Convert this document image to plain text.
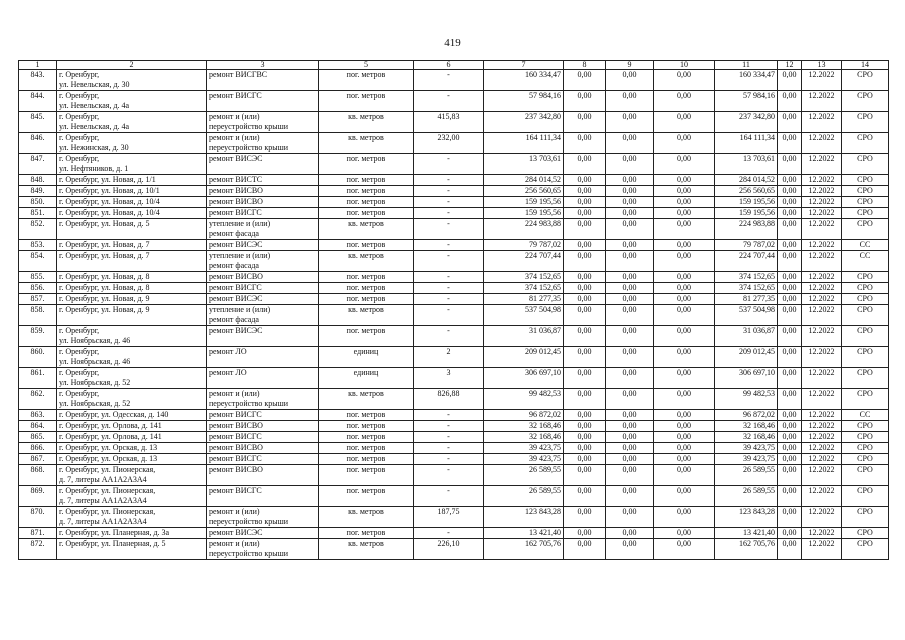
419
1	2	3	5	6	7	8	9	10	11	12	13	14
843.	г. Оренбург,
ул. Невельская, д. 30	ремонт ВИСГВС	пог. метров	-	160 334,47	0,00	0,00	0,00	160 334,47	0,00	12.2022	СРО
844.	г. Оренбург,
ул. Невельская, д. 4а	ремонт ВИСГС	пог. метров	-	57 984,16	0,00	0,00	0,00	57 984,16	0,00	12.2022	СРО
845.	г. Оренбург,
ул. Невельская, д. 4а	ремонт и (или)
переустройство крыши	кв. метров	415,83	237 342,80	0,00	0,00	0,00	237 342,80	0,00	12.2022	СРО
846.	г. Оренбург,
ул. Нежинская, д. 30	ремонт и (или)
переустройство крыши	кв. метров	232,00	164 111,34	0,00	0,00	0,00	164 111,34	0,00	12.2022	СРО
847.	г. Оренбург,
ул. Нефтяников, д. 1	ремонт ВИСЭС	пог. метров	-	13 703,61	0,00	0,00	0,00	13 703,61	0,00	12.2022	СРО
848.	г. Оренбург, ул. Новая, д. 1/1	ремонт ВИСТС	пог. метров	-	284 014,52	0,00	0,00	0,00	284 014,52	0,00	12.2022	СРО
849.	г. Оренбург, ул. Новая, д. 10/1	ремонт ВИСВО	пог. метров	-	256 560,65	0,00	0,00	0,00	256 560,65	0,00	12.2022	СРО
850.	г. Оренбург, ул. Новая, д. 10/4	ремонт ВИСВО	пог. метров	-	159 195,56	0,00	0,00	0,00	159 195,56	0,00	12.2022	СРО
851.	г. Оренбург, ул. Новая, д. 10/4	ремонт ВИСГС	пог. метров	-	159 195,56	0,00	0,00	0,00	159 195,56	0,00	12.2022	СРО
852.	г. Оренбург, ул. Новая, д. 5	утепление и (или)
ремонт фасада	кв. метров	-	224 983,88	0,00	0,00	0,00	224 983,88	0,00	12.2022	СРО
853.	г. Оренбург, ул. Новая, д. 7	ремонт ВИСЭС	пог. метров	-	79 787,02	0,00	0,00	0,00	79 787,02	0,00	12.2022	СС
854.	г. Оренбург, ул. Новая, д. 7	утепление и (или)
ремонт фасада	кв. метров	-	224 707,44	0,00	0,00	0,00	224 707,44	0,00	12.2022	СС
855.	г. Оренбург, ул. Новая, д. 8	ремонт ВИСВО	пог. метров	-	374 152,65	0,00	0,00	0,00	374 152,65	0,00	12.2022	СРО
856.	г. Оренбург, ул. Новая, д. 8	ремонт ВИСГС	пог. метров	-	374 152,65	0,00	0,00	0,00	374 152,65	0,00	12.2022	СРО
857.	г. Оренбург, ул. Новая, д. 9	ремонт ВИСЭС	пог. метров	-	81 277,35	0,00	0,00	0,00	81 277,35	0,00	12.2022	СРО
858.	г. Оренбург, ул. Новая, д. 9	утепление и (или)
ремонт фасада	кв. метров	-	537 504,98	0,00	0,00	0,00	537 504,98	0,00	12.2022	СРО
859.	г. Оренбург,
ул. Ноябрьская, д. 46	ремонт ВИСЭС	пог. метров	-	31 036,87	0,00	0,00	0,00	31 036,87	0,00	12.2022	СРО
860.	г. Оренбург,
ул. Ноябрьская, д. 46	ремонт ЛО	единиц	2	209 012,45	0,00	0,00	0,00	209 012,45	0,00	12.2022	СРО
861.	г. Оренбург,
ул. Ноябрьская, д. 52	ремонт ЛО	единиц	3	306 697,10	0,00	0,00	0,00	306 697,10	0,00	12.2022	СРО
862.	г. Оренбург,
ул. Ноябрьская, д. 52	ремонт и (или)
переустройство крыши	кв. метров	826,88	99 482,53	0,00	0,00	0,00	99 482,53	0,00	12.2022	СРО
863.	г. Оренбург, ул. Одесская, д. 140	ремонт ВИСГС	пог. метров	-	96 872,02	0,00	0,00	0,00	96 872,02	0,00	12.2022	СС
864.	г. Оренбург, ул. Орлова, д. 141	ремонт ВИСВО	пог. метров	-	32 168,46	0,00	0,00	0,00	32 168,46	0,00	12.2022	СРО
865.	г. Оренбург, ул. Орлова, д. 141	ремонт ВИСГС	пог. метров	-	32 168,46	0,00	0,00	0,00	32 168,46	0,00	12.2022	СРО
866.	г. Оренбург, ул. Орская, д. 13	ремонт ВИСВО	пог. метров	-	39 423,75	0,00	0,00	0,00	39 423,75	0,00	12.2022	СРО
867.	г. Оренбург, ул. Орская, д. 13	ремонт ВИСГС	пог. метров	-	39 423,75	0,00	0,00	0,00	39 423,75	0,00	12.2022	СРО
868.	г. Оренбург, ул. Пионерская,
д. 7, литеры АА1А2А3А4	ремонт ВИСВО	пог. метров	-	26 589,55	0,00	0,00	0,00	26 589,55	0,00	12.2022	СРО
869.	г. Оренбург, ул. Пионерская,
д. 7, литеры АА1А2А3А4	ремонт ВИСГС	пог. метров	-	26 589,55	0,00	0,00	0,00	26 589,55	0,00	12.2022	СРО
870.	г. Оренбург, ул. Пионерская,
д. 7, литеры АА1А2А3А4	ремонт и (или)
переустройство крыши	кв. метров	187,75	123 843,28	0,00	0,00	0,00	123 843,28	0,00	12.2022	СРО
871.	г. Оренбург, ул. Планерная, д. 3а	ремонт ВИСЭС	пог. метров	-	13 421,40	0,00	0,00	0,00	13 421,40	0,00	12.2022	СРО
872.	г. Оренбург, ул. Планерная, д. 5	ремонт и (или)
переустройство крыши	кв. метров	226,10	162 705,76	0,00	0,00	0,00	162 705,76	0,00	12.2022	СРО
